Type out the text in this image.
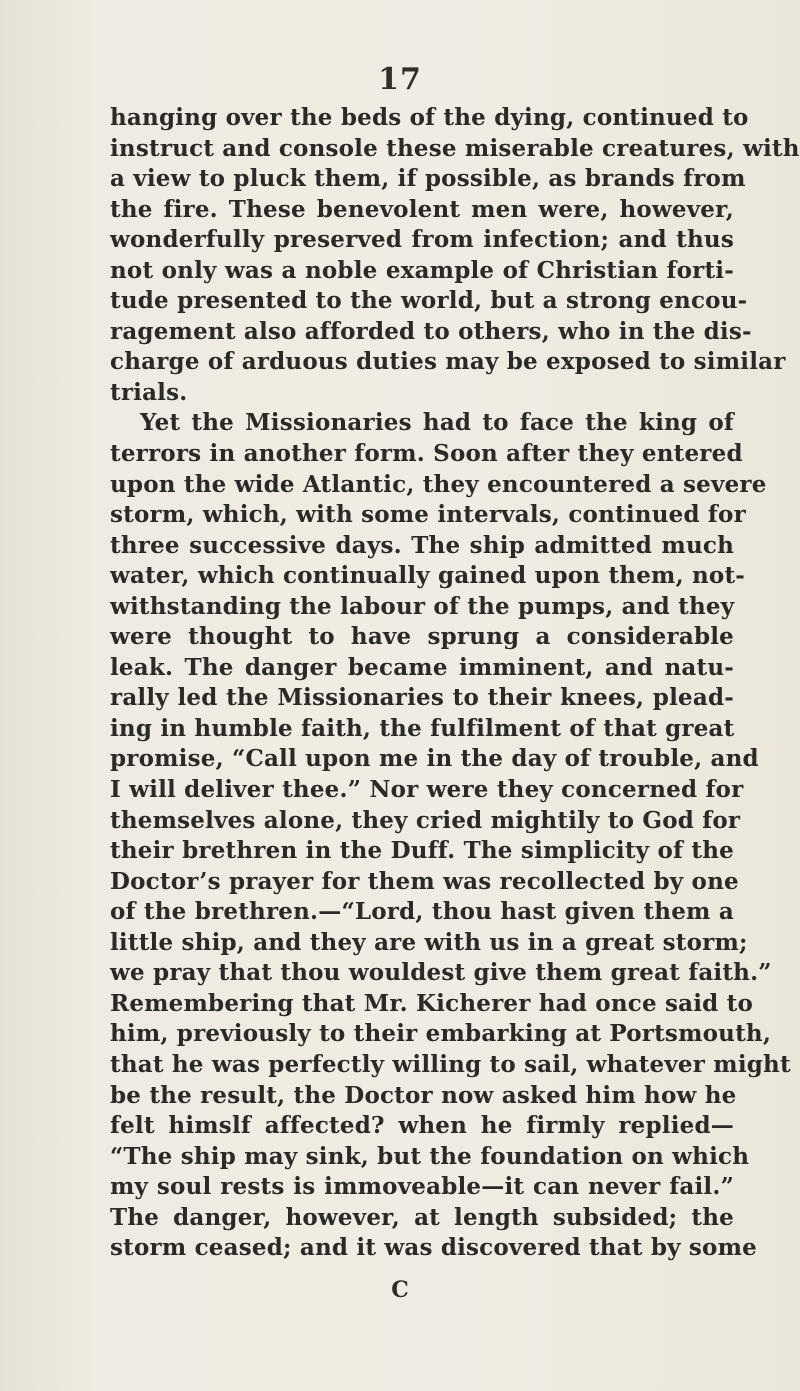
17
hanging over the beds of the dying, continued to
instruct and console these miserable creatures, with
a view to pluck them, if possible, as brands from
the fire. These benevolent men were, however,
wonderfully preserved from infection; and thus
not only was a noble example of Christian forti-
tude presented to the world, but a strong encou-
ragement also afforded to others, who in the dis-
charge of arduous duties may be exposed to similar
trials.
Yet the Missionaries had to face the king of
terrors in another form. Soon after they entered
upon the wide Atlantic, they encountered a severe
storm, which, with some intervals, continued for
three successive days. The ship admitted much
water, which continually gained upon them, not-
withstanding the labour of the pumps, and they
were thought to have sprung a considerable
leak. The danger became imminent, and natu-
rally led the Missionaries to their knees, plead-
ing in humble faith, the fulfilment of that great
promise, “Call upon me in the day of trouble, and
I will deliver thee.” Nor were they concerned for
themselves alone, they cried mightily to God for
their brethren in the Duff. The simplicity of the
Doctor’s prayer for them was recollected by one
of the brethren.—“Lord, thou hast given them a
little ship, and they are with us in a great storm;
we pray that thou wouldest give them great faith.”
Remembering that Mr. Kicherer had once said to
him, previously to their embarking at Portsmouth,
that he was perfectly willing to sail, whatever might
be the result, the Doctor now asked him how he
felt himslf affected? when he firmly replied—
“The ship may sink, but the foundation on which
my soul rests is immoveable—it can never fail.”
The danger, however, at length subsided; the
storm ceased; and it was discovered that by some
C
